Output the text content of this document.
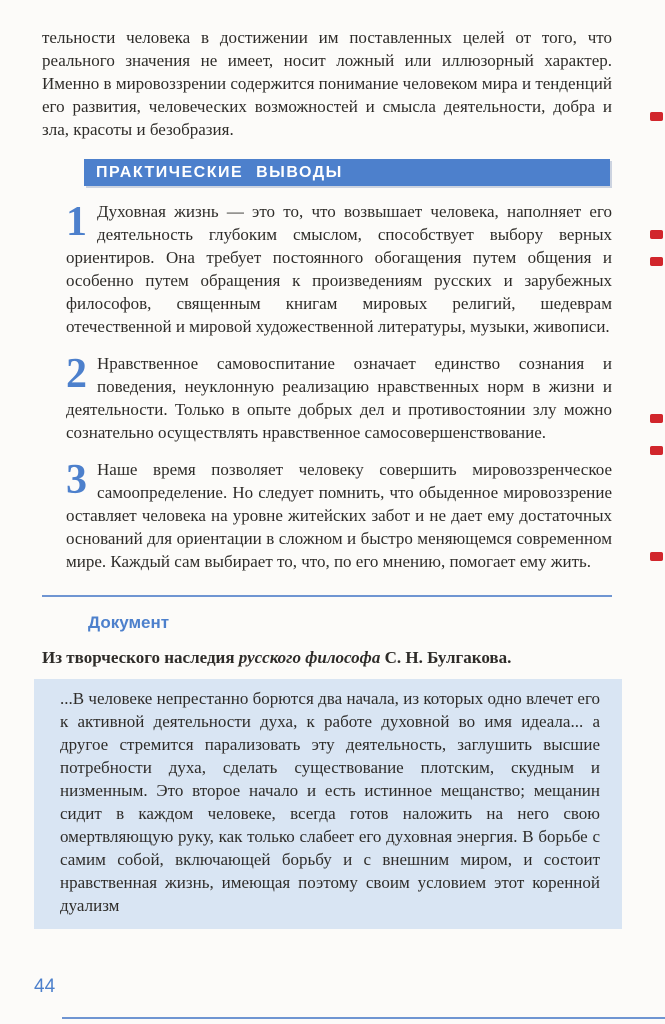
тельности человека в достижении им поставленных целей от того, что реального значения не имеет, носит ложный или иллюзорный характер. Именно в мировоззрении содержится понимание человеком мира и тенденций его развития, человеческих возможностей и смысла деятельности, добра и зла, красоты и безобразия.

ПРАКТИЧЕСКИЕ ВЫВОДЫ
1 Духовная жизнь — это то, что возвышает человека, наполняет его деятельность глубоким смыслом, способствует выбору верных ориентиров. Она требует постоянного обогащения путем общения и особенно путем обращения к произведениям русских и зарубежных философов, священным книгам мировых религий, шедеврам отечественной и мировой художественной литературы, музыки, живописи.
2 Нравственное самовоспитание означает единство сознания и поведения, неуклонную реализацию нравственных норм в жизни и деятельности. Только в опыте добрых дел и противостоянии злу можно сознательно осуществлять нравственное самосовершенствование.
3 Наше время позволяет человеку совершить мировоззренческое самоопределение. Но следует помнить, что обыденное мировоззрение оставляет человека на уровне житейских забот и не дает ему достаточных оснований для ориентации в сложном и быстро меняющемся современном мире. Каждый сам выбирает то, что, по его мнению, помогает ему жить.
Документ

Из творческого наследия русского философа С. Н. Булгакова.

...В человеке непрестанно борются два начала, из которых одно влечет его к активной деятельности духа, к работе духовной во имя идеала... а другое стремится парализовать эту деятельность, заглушить высшие потребности духа, сделать существование плотским, скудным и низменным. Это второе начало и есть истинное мещанство; мещанин сидит в каждом человеке, всегда готов наложить на него свою омертвляющую руку, как только слабеет его духовная энергия. В борьбе с самим собой, включающей борьбу и с внешним миром, и состоит нравственная жизнь, имеющая поэтому своим условием этот коренной дуализм
44
